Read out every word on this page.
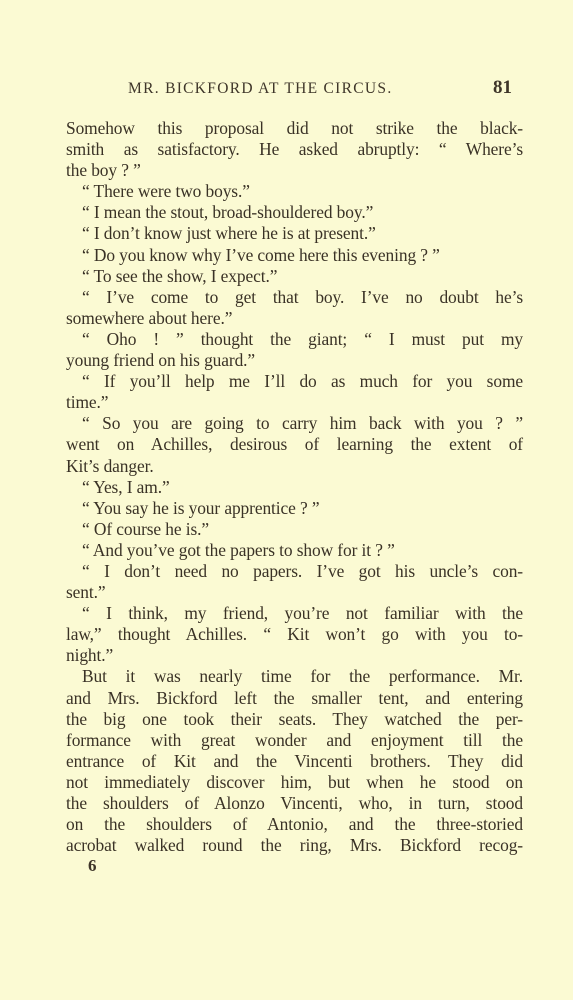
MR. BICKFORD AT THE CIRCUS.	81
Somehow this proposal did not strike the black-
smith as satisfactory. He asked abruptly: “ Where’s
the boy ? ”
“ There were two boys.”
“ I mean the stout, broad-shouldered boy.”
“ I don’t know just where he is at present.”
“ Do you know why I’ve come here this evening ? ”
“ To see the show, I expect.”
“ I’ve come to get that boy. I’ve no doubt he’s
somewhere about here.”
“ Oho ! ” thought the giant; “ I must put my
young friend on his guard.”
“ If you’ll help me I’ll do as much for you some
time.”
“ So you are going to carry him back with you ? ”
went on Achilles, desirous of learning the extent of
Kit’s danger.
“ Yes, I am.”
“ You say he is your apprentice ? ”
“ Of course he is.”
“ And you’ve got the papers to show for it ? ”
“ I don’t need no papers. I’ve got his uncle’s con-
sent.”
“ I think, my friend, you’re not familiar with the
law,” thought Achilles. “ Kit won’t go with you to-
night.”
But it was nearly time for the performance. Mr.
and Mrs. Bickford left the smaller tent, and entering
the big one took their seats. They watched the per-
formance with great wonder and enjoyment till the
entrance of Kit and the Vincenti brothers. They did
not immediately discover him, but when he stood on
the shoulders of Alonzo Vincenti, who, in turn, stood
on the shoulders of Antonio, and the three-storied
acrobat walked round the ring, Mrs. Bickford recog-
6
